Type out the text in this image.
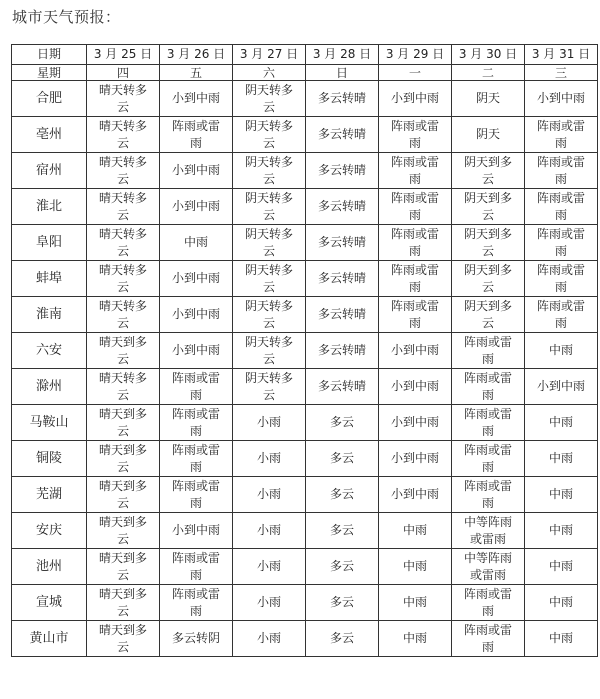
城市天气预报：
日期	3 月 25 日	3 月 26 日	3 月 27 日	3 月 28 日	3 月 29 日	3 月 30 日	3 月 31 日
星期	四	五	六	日	一	二	三
合肥	晴天转多云	小到中雨	阴天转多云	多云转晴	小到中雨	阴天	小到中雨

亳州	晴天转多云	阵雨或雷雨	阴天转多云	多云转晴	阵雨或雷雨	阴天	阵雨或雷雨

宿州	晴天转多云	小到中雨	阴天转多云	多云转晴	阵雨或雷雨	阴天到多云	阵雨或雷雨

淮北	晴天转多云	小到中雨	阴天转多云	多云转晴	阵雨或雷雨	阴天到多云	阵雨或雷雨

阜阳	晴天转多云	中雨	阴天转多云	多云转晴	阵雨或雷雨	阴天到多云	阵雨或雷雨

蚌埠	晴天转多云	小到中雨	阴天转多云	多云转晴	阵雨或雷雨	阴天到多云	阵雨或雷雨

淮南	晴天转多云	小到中雨	阴天转多云	多云转晴	阵雨或雷雨	阴天到多云	阵雨或雷雨

六安	晴天到多云	小到中雨	阴天转多云	多云转晴	小到中雨	阵雨或雷雨	中雨

滁州	晴天转多云	阵雨或雷雨	阴天转多云	多云转晴	小到中雨	阵雨或雷雨	小到中雨

马鞍山	晴天到多云	阵雨或雷雨	小雨	多云	小到中雨	阵雨或雷雨	中雨

铜陵	晴天到多云	阵雨或雷雨	小雨	多云	小到中雨	阵雨或雷雨	中雨

芜湖	晴天到多云	阵雨或雷雨	小雨	多云	小到中雨	阵雨或雷雨	中雨

安庆	晴天到多云	小到中雨	小雨	多云	中雨	中等阵雨或雷雨	中雨

池州	晴天到多云	阵雨或雷雨	小雨	多云	中雨	中等阵雨或雷雨	中雨

宣城	晴天到多云	阵雨或雷雨	小雨	多云	中雨	阵雨或雷雨	中雨

黄山市	晴天到多云	多云转阴	小雨	多云	中雨	阵雨或雷雨	中雨
